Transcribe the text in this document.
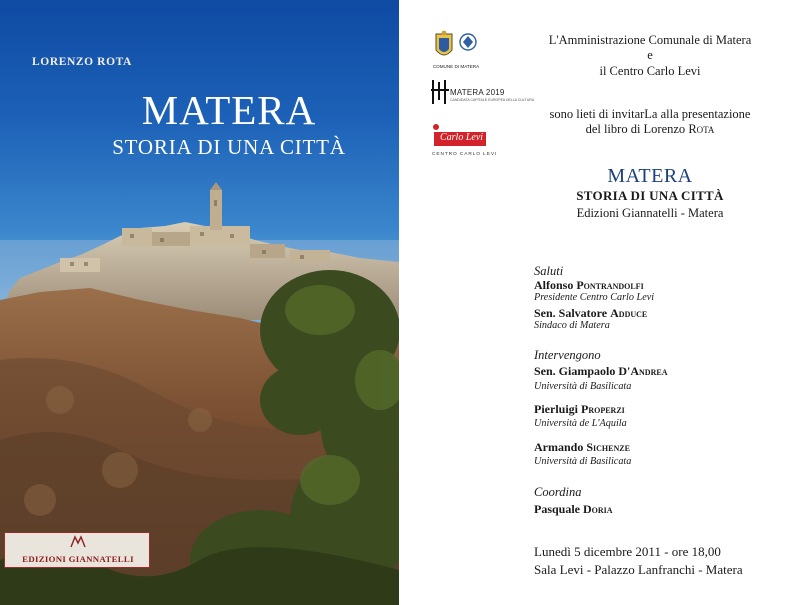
LORENZO ROTA
MATERA
STORIA DI UNA CITTÀ
EDIZIONI GIANNATELLI
COMUNE DI MATERA
MATERA 2019
CANDIDATA CAPITALE EUROPEA DELLA CULTURA
Carlo Levi
CENTRO CARLO LEVI
L'Amministrazione Comunale di Matera
e
il Centro Carlo Levi
sono lieti di invitarLa alla presentazione
del libro di Lorenzo Rota
MATERA
STORIA DI UNA CITTÀ
Edizioni Giannatelli - Matera
Saluti
Alfonso Pontrandolfi
Presidente Centro Carlo Levi
Sen. Salvatore Adduce
Sindaco di Matera
Intervengono
Sen. Giampaolo D'Andrea
Università di Basilicata
Pierluigi Properzi
Università de L'Aquila
Armando Sichenze
Università di Basilicata
Coordina
Pasquale Doria
Lunedì 5 dicembre 2011 - ore 18,00
Sala Levi - Palazzo Lanfranchi - Matera
